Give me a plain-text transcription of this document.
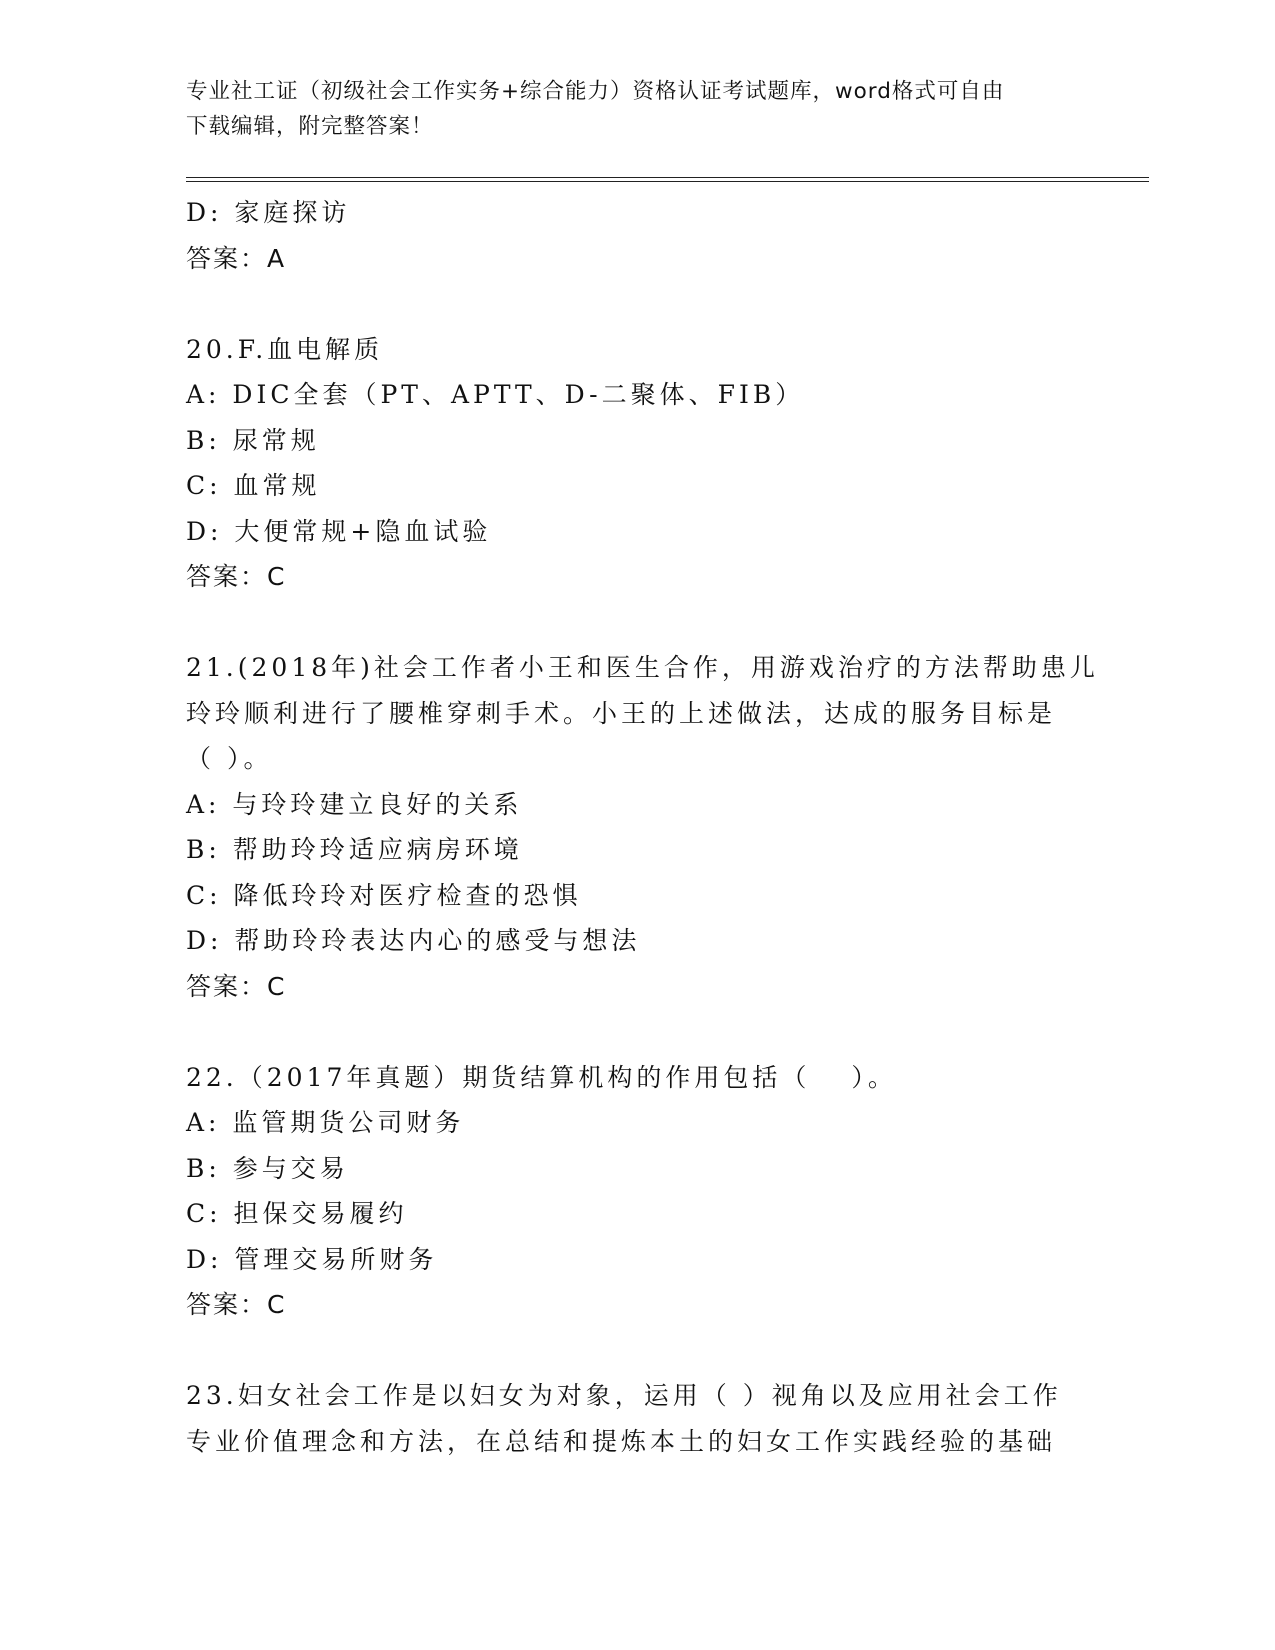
专业社工证（初级社会工作实务+综合能力）资格认证考试题库，word格式可自由
下载编辑，附完整答案！
D: 家庭探访
答案：A
20.F.血电解质
A: DIC全套（PT、APTT、D-二聚体、FIB）
B: 尿常规
C: 血常规
D: 大便常规+隐血试验
答案：C
21.(2018年)社会工作者小王和医生合作，用游戏治疗的方法帮助患儿
玲玲顺利进行了腰椎穿刺手术。小王的上述做法，达成的服务目标是
（ ）。
A: 与玲玲建立良好的关系
B: 帮助玲玲适应病房环境
C: 降低玲玲对医疗检查的恐惧
D: 帮助玲玲表达内心的感受与想法
答案：C
22.（2017年真题）期货结算机构的作用包括（　 ）。
A: 监管期货公司财务
B: 参与交易
C: 担保交易履约
D: 管理交易所财务
答案：C
23.妇女社会工作是以妇女为对象，运用（ ）视角以及应用社会工作
专业价值理念和方法，在总结和提炼本土的妇女工作实践经验的基础
